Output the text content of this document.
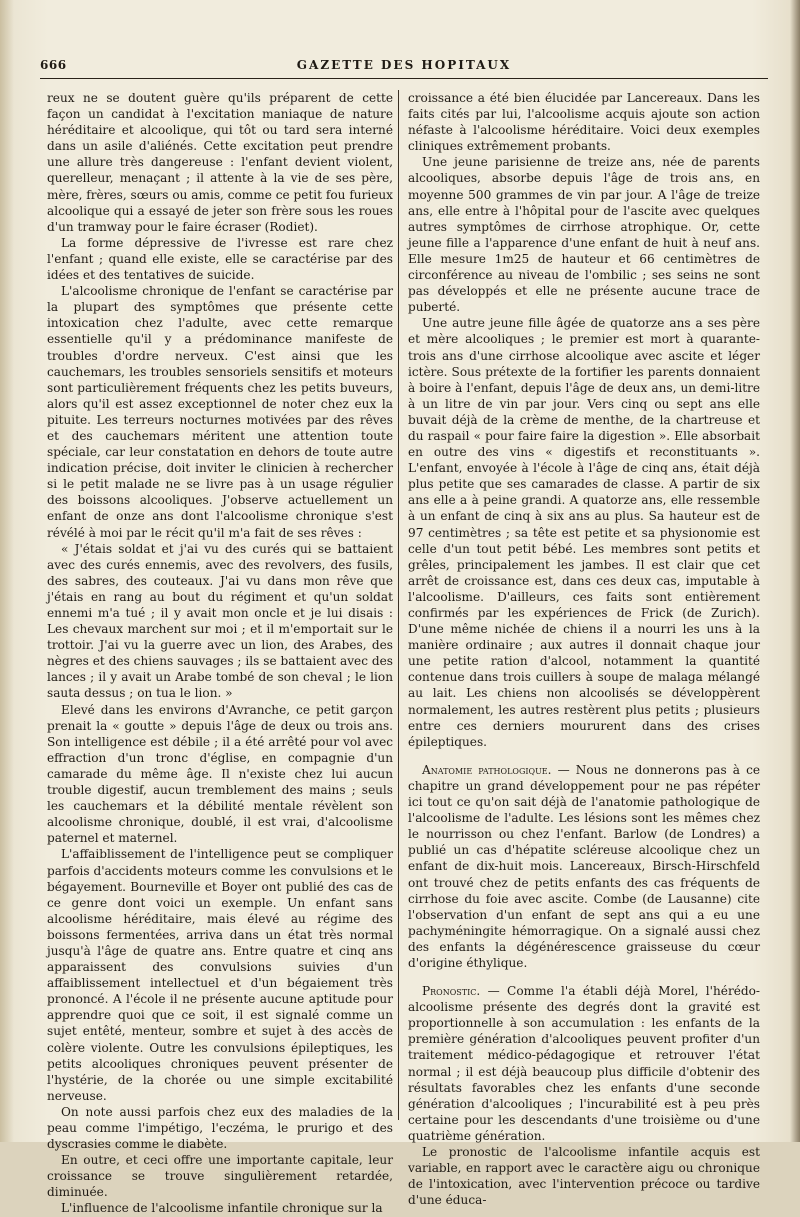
666	GAZETTE DES HOPITAUX

reux ne se doutent guère qu'ils préparent de cette façon un candidat à l'excitation maniaque de nature héréditaire et alcoolique, qui tôt ou tard sera interné dans un asile d'aliénés. Cette excitation peut prendre une allure très dangereuse : l'enfant devient violent, querelleur, menaçant ; il attente à la vie de ses père, mère, frères, sœurs ou amis, comme ce petit fou furieux alcoolique qui a essayé de jeter son frère sous les roues d'un tramway pour le faire écraser (Rodiet).

La forme dépressive de l'ivresse est rare chez l'enfant ; quand elle existe, elle se caractérise par des idées et des tentatives de suicide.

L'alcoolisme chronique de l'enfant se caractérise par la plupart des symptômes que présente cette intoxication chez l'adulte, avec cette remarque essentielle qu'il y a prédominance manifeste de troubles d'ordre nerveux. C'est ainsi que les cauchemars, les troubles sensoriels sensitifs et moteurs sont particulièrement fréquents chez les petits buveurs, alors qu'il est assez exceptionnel de noter chez eux la pituite. Les terreurs nocturnes motivées par des rêves et des cauchemars méritent une attention toute spéciale, car leur constatation en dehors de toute autre indication précise, doit inviter le clinicien à rechercher si le petit malade ne se livre pas à un usage régulier des boissons alcooliques. J'observe actuellement un enfant de onze ans dont l'alcoolisme chronique s'est révélé à moi par le récit qu'il m'a fait de ses rêves :

« J'étais soldat et j'ai vu des curés qui se battaient avec des curés ennemis, avec des revolvers, des fusils, des sabres, des couteaux. J'ai vu dans mon rêve que j'étais en rang au bout du régiment et qu'un soldat ennemi m'a tué ; il y avait mon oncle et je lui disais : Les chevaux marchent sur moi ; et il m'emportait sur le trottoir. J'ai vu la guerre avec un lion, des Arabes, des nègres et des chiens sauvages ; ils se battaient avec des lances ; il y avait un Arabe tombé de son cheval ; le lion sauta dessus ; on tua le lion. »

Elevé dans les environs d'Avranche, ce petit garçon prenait la « goutte » depuis l'âge de deux ou trois ans. Son intelligence est débile ; il a été arrêté pour vol avec effraction d'un tronc d'église, en compagnie d'un camarade du même âge. Il n'existe chez lui aucun trouble digestif, aucun tremblement des mains ; seuls les cauchemars et la débilité mentale révèlent son alcoolisme chronique, doublé, il est vrai, d'alcoolisme paternel et maternel.

L'affaiblissement de l'intelligence peut se compliquer parfois d'accidents moteurs comme les convulsions et le bégayement. Bourneville et Boyer ont publié des cas de ce genre dont voici un exemple. Un enfant sans alcoolisme héréditaire, mais élevé au régime des boissons fermentées, arriva dans un état très normal jusqu'à l'âge de quatre ans. Entre quatre et cinq ans apparaissent des convulsions suivies d'un affaiblissement intellectuel et d'un bégaiement très prononcé. A l'école il ne présente aucune aptitude pour apprendre quoi que ce soit, il est signalé comme un sujet entêté, menteur, sombre et sujet à des accès de colère violente. Outre les convulsions épileptiques, les petits alcooliques chroniques peuvent présenter de l'hystérie, de la chorée ou une simple excitabilité nerveuse.

On note aussi parfois chez eux des maladies de la peau comme l'impétigo, l'eczéma, le prurigo et des dyscrasies comme le diabète.

En outre, et ceci offre une importante capitale, leur croissance se trouve singulièrement retardée, diminuée.

L'influence de l'alcoolisme infantile chronique sur la

croissance a été bien élucidée par Lancereaux. Dans les faits cités par lui, l'alcoolisme acquis ajoute son action néfaste à l'alcoolisme héréditaire. Voici deux exemples cliniques extrêmement probants.

Une jeune parisienne de treize ans, née de parents alcooliques, absorbe depuis l'âge de trois ans, en moyenne 500 grammes de vin par jour. A l'âge de treize ans, elle entre à l'hôpital pour de l'ascite avec quelques autres symptômes de cirrhose atrophique. Or, cette jeune fille a l'apparence d'une enfant de huit à neuf ans. Elle mesure 1m25 de hauteur et 66 centimètres de circonférence au niveau de l'ombilic ; ses seins ne sont pas développés et elle ne présente aucune trace de puberté.

Une autre jeune fille âgée de quatorze ans a ses père et mère alcooliques ; le premier est mort à quarante-trois ans d'une cirrhose alcoolique avec ascite et léger ictère. Sous prétexte de la fortifier les parents donnaient à boire à l'enfant, depuis l'âge de deux ans, un demi-litre à un litre de vin par jour. Vers cinq ou sept ans elle buvait déjà de la crème de menthe, de la chartreuse et du raspail « pour faire faire la digestion ». Elle absorbait en outre des vins « digestifs et reconstituants ». L'enfant, envoyée à l'école à l'âge de cinq ans, était déjà plus petite que ses camarades de classe. A partir de six ans elle a à peine grandi. A quatorze ans, elle ressemble à un enfant de cinq à six ans au plus. Sa hauteur est de 97 centimètres ; sa tête est petite et sa physionomie est celle d'un tout petit bébé. Les membres sont petits et grêles, principalement les jambes. Il est clair que cet arrêt de croissance est, dans ces deux cas, imputable à l'alcoolisme. D'ailleurs, ces faits sont entièrement confirmés par les expériences de Frick (de Zurich). D'une même nichée de chiens il a nourri les uns à la manière ordinaire ; aux autres il donnait chaque jour une petite ration d'alcool, notamment la quantité contenue dans trois cuillers à soupe de malaga mélangé au lait. Les chiens non alcoolisés se développèrent normalement, les autres restèrent plus petits ; plusieurs entre ces derniers moururent dans des crises épileptiques.

Anatomie pathologique. — Nous ne donnerons pas à ce chapitre un grand développement pour ne pas répéter ici tout ce qu'on sait déjà de l'anatomie pathologique de l'alcoolisme de l'adulte. Les lésions sont les mêmes chez le nourrisson ou chez l'enfant. Barlow (de Londres) a publié un cas d'hépatite scléreuse alcoolique chez un enfant de dix-huit mois. Lancereaux, Birsch-Hirschfeld ont trouvé chez de petits enfants des cas fréquents de cirrhose du foie avec ascite. Combe (de Lausanne) cite l'observation d'un enfant de sept ans qui a eu une pachyméningite hémorragique. On a signalé aussi chez des enfants la dégénérescence graisseuse du cœur d'origine éthylique.

Pronostic. — Comme l'a établi déjà Morel, l'hérédo-alcoolisme présente des degrés dont la gravité est proportionnelle à son accumulation : les enfants de la première génération d'alcooliques peuvent profiter d'un traitement médico-pédagogique et retrouver l'état normal ; il est déjà beaucoup plus difficile d'obtenir des résultats favorables chez les enfants d'une seconde génération d'alcooliques ; l'incurabilité est à peu près certaine pour les descendants d'une troisième ou d'une quatrième génération.

Le pronostic de l'alcoolisme infantile acquis est variable, en rapport avec le caractère aigu ou chronique de l'intoxication, avec l'intervention précoce ou tardive d'une éduca-
